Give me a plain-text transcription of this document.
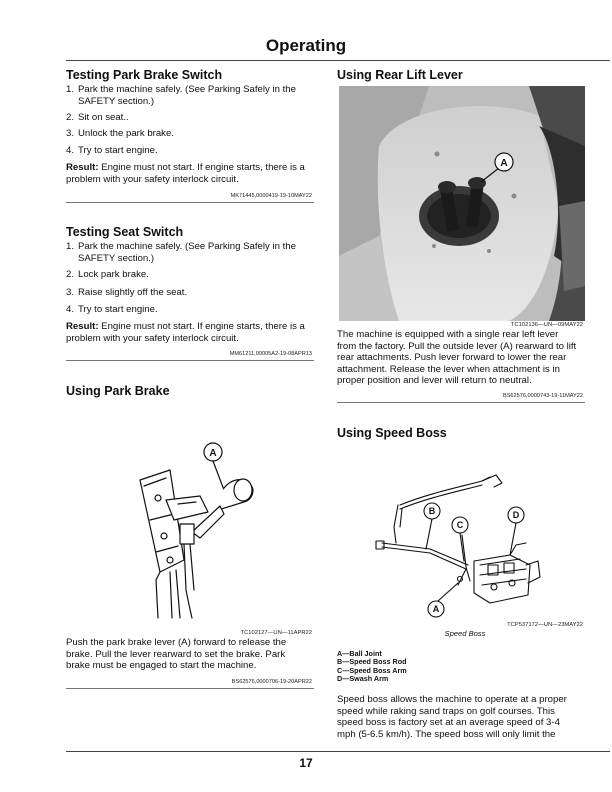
Operating
Testing Park Brake Switch
1. Park the machine safely. (See Parking Safely in the
SAFETY section.)
2. Sit on seat..
3. Unlock the park brake.
4. Try to start engine.
Result: Engine must not start. If engine starts, there is a
problem with your safety interlock circuit.
MK71445,0000419-19-10MAY22
Testing Seat Switch
1. Park the machine safely. (See Parking Safely in the
SAFETY section.)
2. Lock park brake.
3. Raise slightly off the seat.
4. Try to start engine.
Result: Engine must not start. If engine starts, there is a
problem with your safety interlock circuit.
MM61211,00005A2-19-08APR13
Using Park Brake
A
TC102127—UN—11APR22
Push the park brake lever (A) forward to release the
brake. Pull the lever rearward to set the brake. Park
brake must be engaged to start the machine.
BS62576,0000706-19-20APR22
Using Rear Lift Lever
A
TC102136—UN—09MAY22
The machine is equipped with a single rear left lever
from the factory. Pull the outside lever (A) rearward to lift
rear attachments. Push lever forward to lower the rear
attachment. Release the lever when attachment is in
proper position and lever will return to neutral.
BS62576,0000743-19-11MAY22
Using Speed Boss
B
C
D
A
TCP537172—UN—23MAY22
Speed Boss
A—Ball Joint
B—Speed Boss Rod
C—Speed Boss Arm
D—Swash Arm
Speed boss allows the machine to operate at a proper
speed while raking sand traps on golf courses. This
speed boss is factory set at an average speed of 3-4
mph (5-6.5 km/h). The speed boss will only limit the
17
